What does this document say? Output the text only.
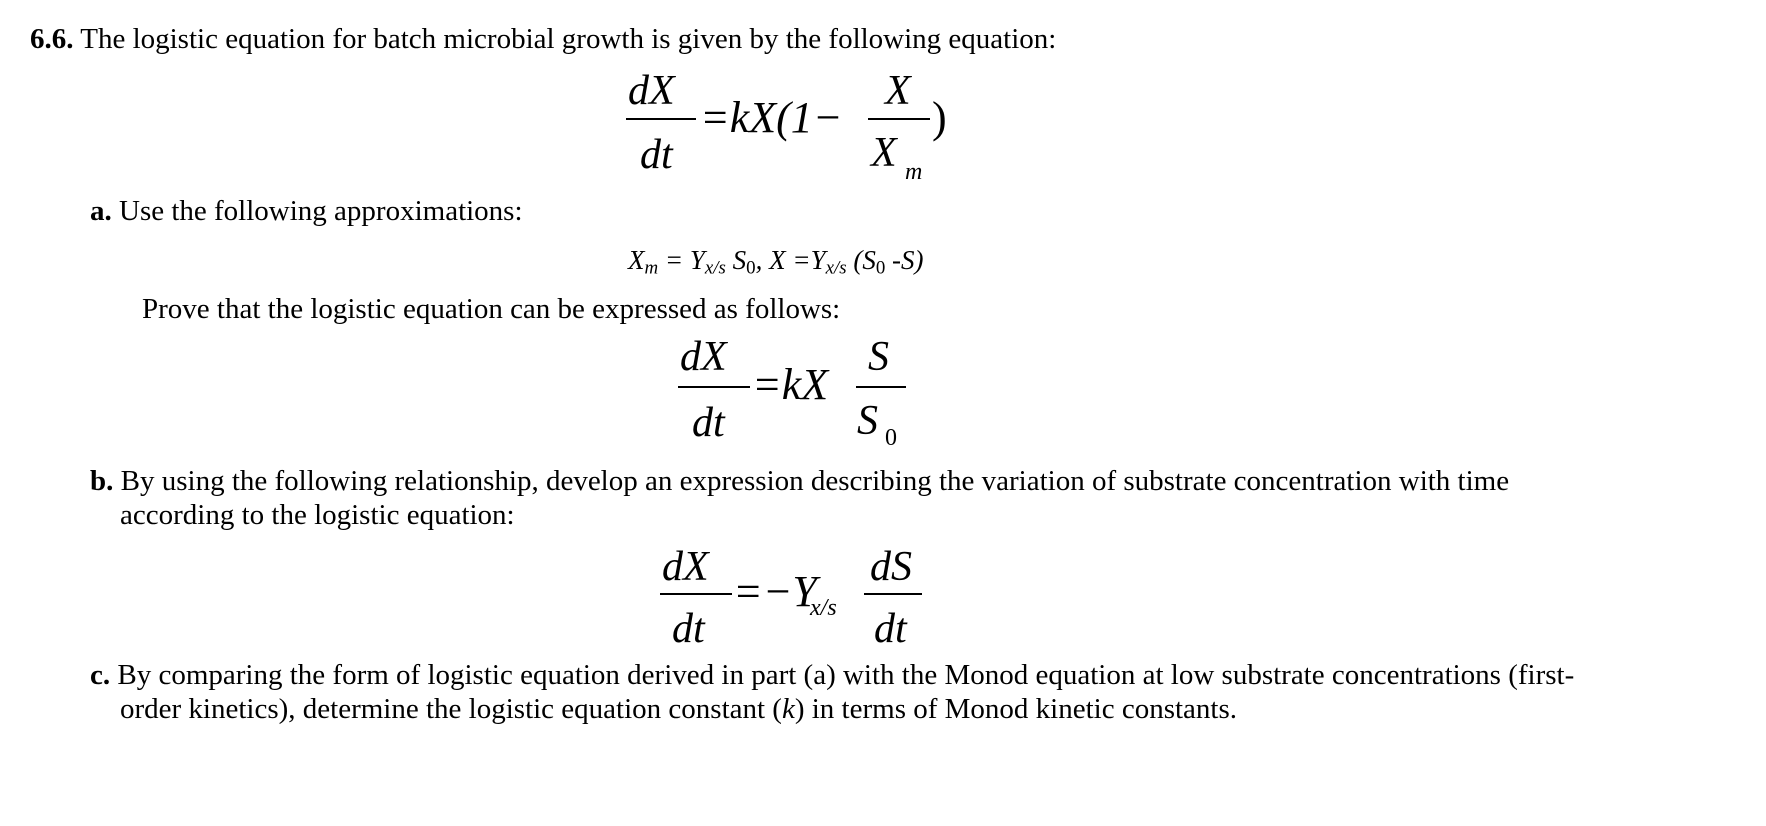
6.6. The logistic equation for batch microbial growth is given by the following equation:
dX
dt
=kX(1−
X
X m
)
a. Use the following approximations:
$X_m = Y_{x/s}$ $S_0$, $X =Y_{x/s}$ ($S_0$ -S)
Prove that the logistic equation can be expressed as follows:
dX
dt
=kX
S
S 0
b. By using the following relationship, develop an expression describing the variation of substrate concentration with time
according to the logistic equation:
dX
dt
=−Y
x/s
dS
dt
c. By comparing the form of logistic equation derived in part (a) with the Monod equation at low substrate concentrations (first-
order kinetics), determine the logistic equation constant (k) in terms of Monod kinetic constants.
